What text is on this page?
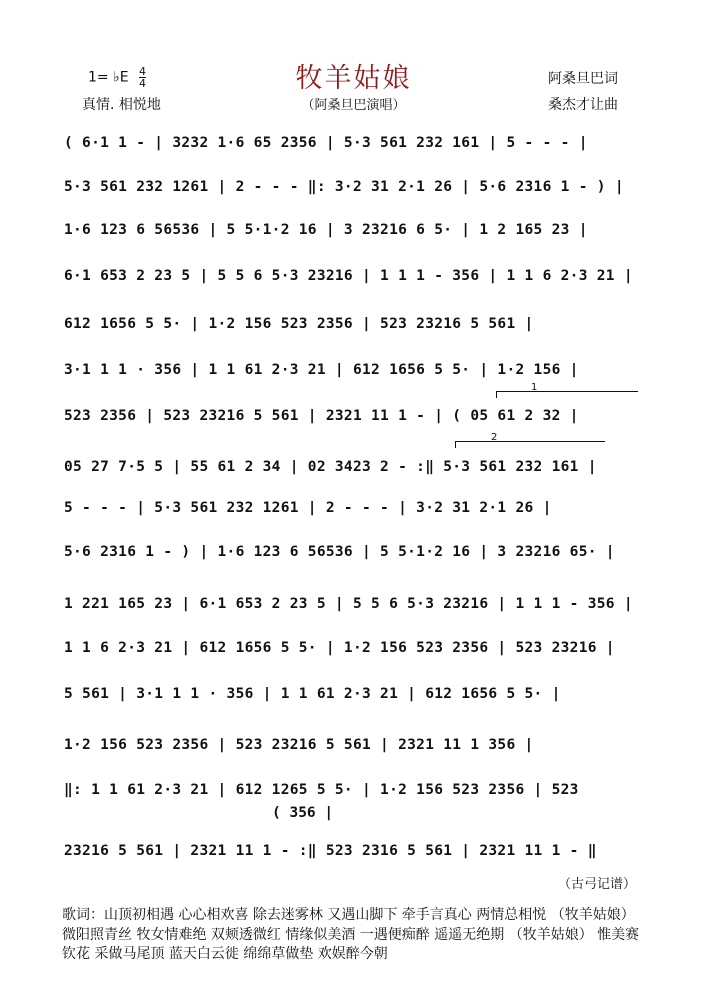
1= ♭E $\frac{4}{4}$
真情. 相悦地
牧羊姑娘
（阿桑旦巴演唱）
阿桑旦巴词
桑杰才让曲
( 6·1 1 - | 3232 1·6 65 2356 | 5·3 561 232 161 | 5 - - - |
5·3 561 232 1261 | 2 - - - ‖: 3·2 31 2·1 26 | 5·6 2316 1 - ) |
1·6 123 6 56536 | 5 5·1·2 16 | 3 23216 6 5· | 1 2 165 23 |
6·1 653 2 23 5 | 5 5 6 5·3 23216 | 1 1 1 - 356 | 1 1 6 2·3 21 |
612 1656 5 5· | 1·2 156 523 2356 | 523 23216 5 561 |
3·1 1 1 · 356 | 1 1 61 2·3 21 | 612 1656 5 5· | 1·2 156 |
523 2356 | 523 23216 5 561 | 2321 11 1 - | ( 05 61 2 32 |
05 27 7·5 5 | 55 61 2 34 | 02 3423 2 - :‖ 5·3 561 232 161 |
5 - - - | 5·3 561 232 1261 | 2 - - - | 3·2 31 2·1 26 |
5·6 2316 1 - ) | 1·6 123 6 56536 | 5 5·1·2 16 | 3 23216 65· |
1 221 165 23 | 6·1 653 2 23 5 | 5 5 6 5·3 23216 | 1 1 1 - 356 |
1 1 6 2·3 21 | 612 1656 5 5· | 1·2 156 523 2356 | 523 23216 |
5 561 | 3·1 1 1 · 356 | 1 1 61 2·3 21 | 612 1656 5 5· |
1·2 156 523 2356 | 523 23216 5 561 | 2321 11 1 356 |
‖: 1 1 61 2·3 21 | 612 1265 5 5· | 1·2 156 523 2356 | 523
23216 5 561 | 2321 11 1 - :‖ 523 2316 5 561 | 2321 11 1 - ‖
1
2
( 356 |
（古弓记谱）
歌词：山顶初相遇 心心相欢喜 除去迷雾林 又遇山脚下 牵手言真心 两情总相悦 （牧羊姑娘） 微阳照青丝 牧女情难绝 双颊透微红 情缘似美酒 一遇便痴醉 遥遥无绝期 （牧羊姑娘） 惟美赛钦花 采做马尾顶 蓝天白云徙 绵绵草做垫 欢娱醉今朝
